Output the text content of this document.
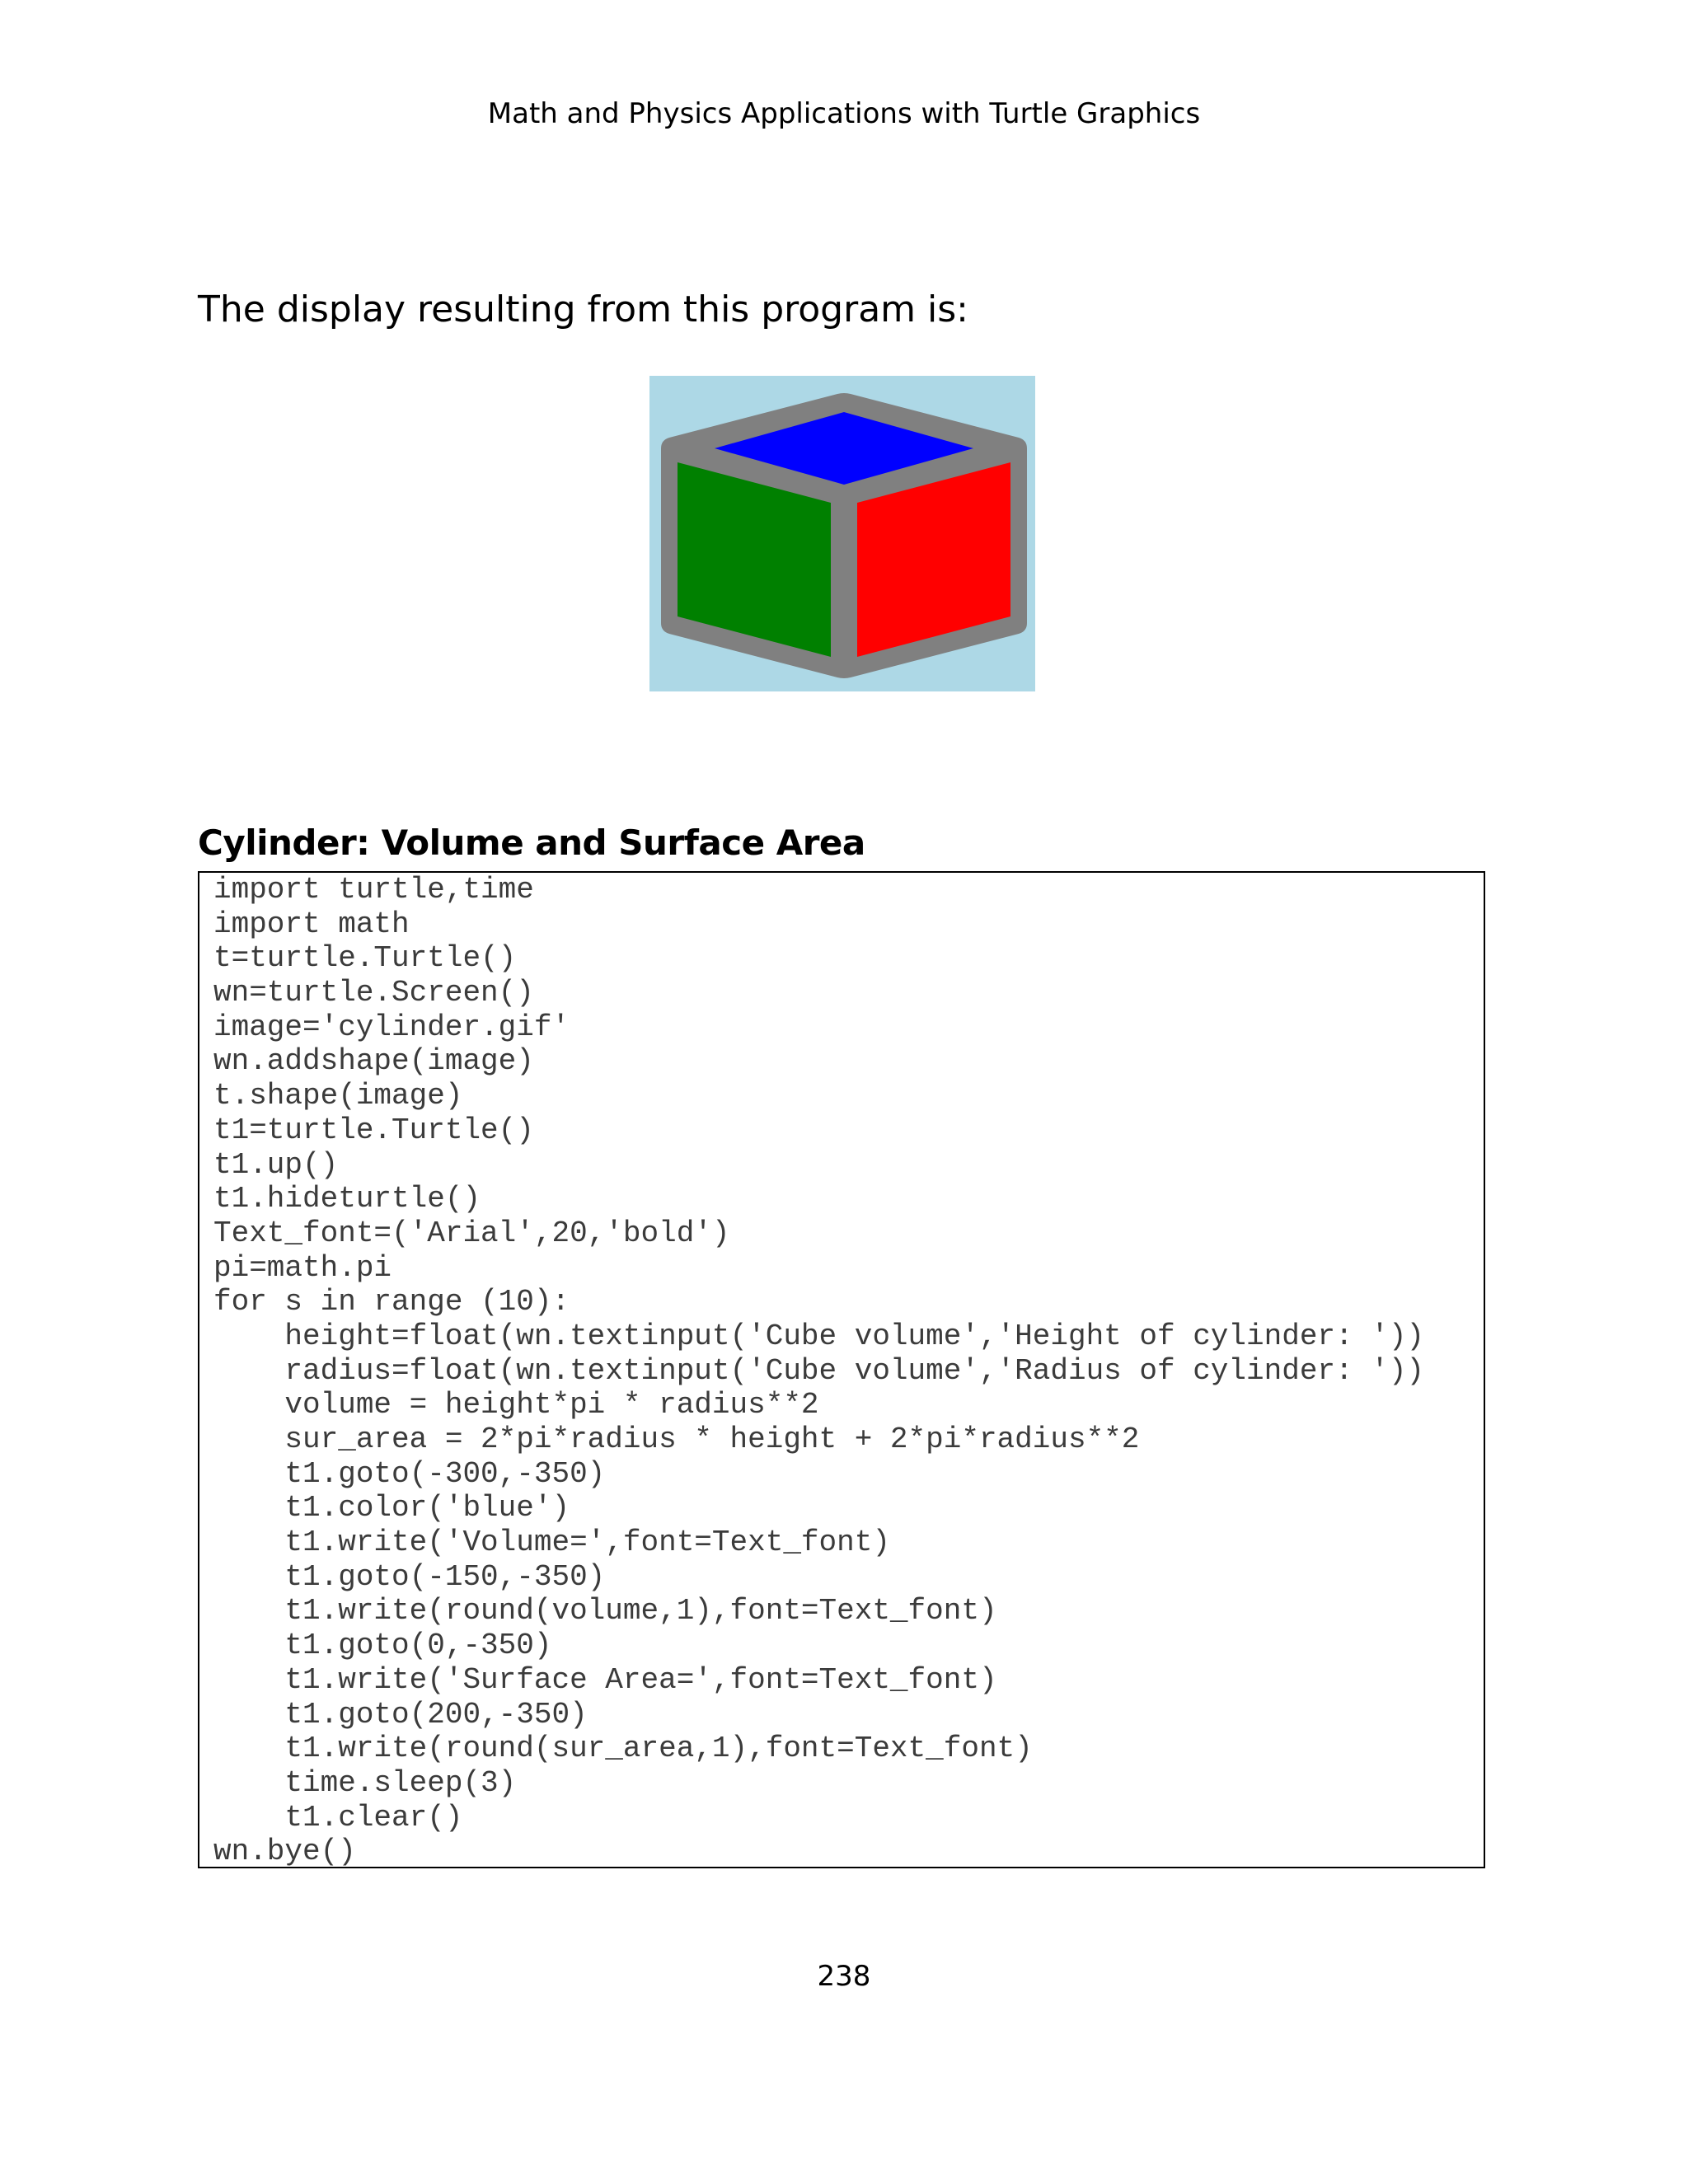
Math and Physics Applications with Turtle Graphics
The display resulting from this program is:
Cylinder: Volume and Surface Area
import turtle,time
import math
t=turtle.Turtle()
wn=turtle.Screen()
image='cylinder.gif'
wn.addshape(image)
t.shape(image)
t1=turtle.Turtle()
t1.up()
t1.hideturtle()
Text_font=('Arial',20,'bold')
pi=math.pi
for s in range (10):
height=float(wn.textinput('Cube volume','Height of cylinder: '))
radius=float(wn.textinput('Cube volume','Radius of cylinder: '))
volume = height*pi * radius**2
sur_area = 2*pi*radius * height + 2*pi*radius**2
t1.goto(-300,-350)
t1.color('blue')
t1.write('Volume=',font=Text_font)
t1.goto(-150,-350)
t1.write(round(volume,1),font=Text_font)
t1.goto(0,-350)
t1.write('Surface Area=',font=Text_font)
t1.goto(200,-350)
t1.write(round(sur_area,1),font=Text_font)
time.sleep(3)
t1.clear()
wn.bye()
238
